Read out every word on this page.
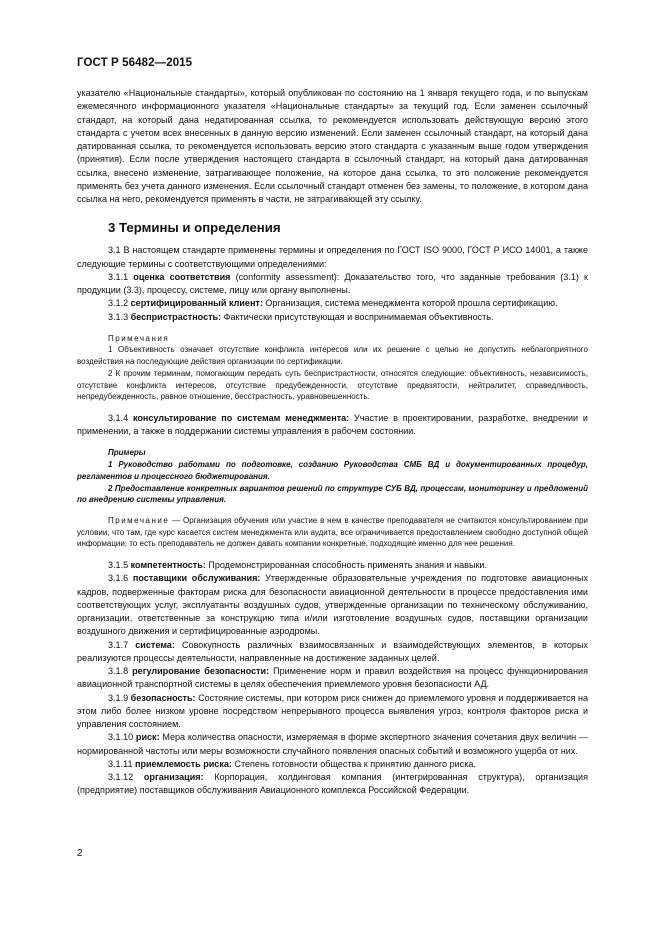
ГОСТ Р 56482—2015

указателю «Национальные стандарты», который опубликован по состоянию на 1 января текущего года, и по выпускам ежемесячного информационного указателя «Национальные стандарты» за текущий год. Если заменен ссылочный стандарт, на который дана недатированная ссылка, то рекомендуется использовать действующую версию этого стандарта с учетом всех внесенных в данную версию изменений. Если заменен ссылочный стандарт, на который дана датированная ссылка, то рекомендуется использовать версию этого стандарта с указанным выше годом утверждения (принятия). Если после утверждения настоящего стандарта в ссылочный стандарт, на который дана датированная ссылка, внесено изменение, затрагивающее положение, на которое дана ссылка, то это положение рекомендуется применять без учета данного изменения. Если ссылочный стандарт отменен без замены, то положение, в котором дана ссылка на него, рекомендуется применять в части, не затрагивающей эту ссылку.

3 Термины и определения

3.1 В настоящем стандарте применены термины и определения по ГОСТ ISO 9000, ГОСТ Р ИСО 14001, а также следующие термины с соответствующими определениями:

3.1.1 оценка соответствия (conformity assessment): Доказательство того, что заданные требования (3.1) к продукции (3.3), процессу, системе, лицу или органу выполнены.

3.1.2 сертифицированный клиент: Организация, система менеджмента которой прошла сертификацию.

3.1.3 беспристрастность: Фактически присутствующая и воспринимаемая объективность.

Примечания

1 Объективность означает отсутствие конфликта интересов или их решение с целью не допустить неблагоприятного воздействия на последующие действия организации по сертификации.

2 К прочим терминам, помогающим передать суть беспристрастности, относятся следующие: объективность, независимость, отсутствие конфликта интересов, отсутствие предубежденности, отсутствие предвзятости, нейтралитет, справедливость, непредубежденность, равное отношение, бесстрастность, уравновешенность.

3.1.4 консультирование по системам менеджмента: Участие в проектировании, разработке, внедрении и применении, а также в поддержании системы управления в рабочем состоянии.

Примеры

1 Руководство работами по подготовке, созданию Руководства СМБ ВД и документированных процедур, регламентов и процессного бюджетирования.

2 Предоставление конкретных вариантов решений по структуре СУБ ВД, процессам, мониторингу и предложений по внедрению системы управления.

Примечание — Организация обучения или участие в нем в качестве преподавателя не считаются консультированием при условии, что там, где курс касается систем менеджмента или аудита, все ограничивается предоставлением свободно доступной общей информации; то есть преподаватель не должен давать компании конкретные, подходящие именно для нее решения.

3.1.5 компетентность: Продемонстрированная способность применять знания и навыки.

3.1.6 поставщики обслуживания: Утвержденные образовательные учреждения по подготовке авиационных кадров, подверженные факторам риска для безопасности авиационной деятельности в процессе предоставления ими соответствующих услуг, эксплуатанты воздушных судов, утвержденные организации по техническому обслуживанию, организации, ответственные за конструкцию типа и/или изготовление воздушных судов, поставщики организации воздушного движения и сертифицированные аэродромы.

3.1.7 система: Совокупность различных взаимосвязанных и взаимодействующих элементов, в которых реализуются процессы деятельности, направленные на достижение заданных целей.

3.1.8 регулирование безопасности: Применение норм и правил воздействия на процесс функционирования авиационной транспортной системы в целях обеспечения приемлемого уровня безопасности АД.

3.1.9 безопасность: Состояние системы, при котором риск снижен до приемлемого уровня и поддерживается на этом либо более низком уровне посредством непрерывного процесса выявления угроз, контроля факторов риска и управления состоянием.

3.1.10 риск: Мера количества опасности, измеряемая в форме экспертного значения сочетания двух величин — нормированной частоты или меры возможности случайного появления опасных событий и возможного ущерба от них.

3.1.11 приемлемость риска: Степень готовности общества к принятию данного риска.

3.1.12 организация: Корпорация, холдинговая компания (интегрированная структура), организация (предприятие) поставщиков обслуживания Авиационного комплекса Российской Федерации.

2
